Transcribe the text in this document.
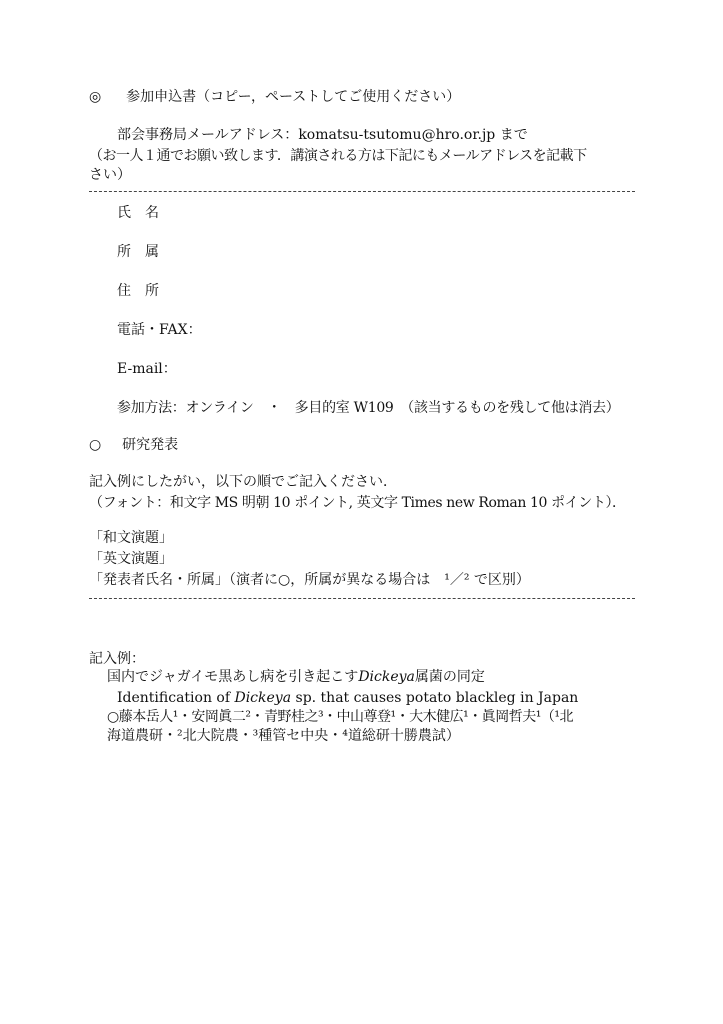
◎ 参加申込書（コピー，ペーストしてご使用ください）
部会事務局メールアドレス：komatsu-tsutomu@hro.or.jp まで
（お一人１通でお願い致します．講演される方は下記にもメールアドレスを記載下
さい）
氏　名
所　属
住　所
電話・FAX：
E-mail：
参加方法：オンライン　・　多目的室 W109　（該当するものを残して他は消去）
○ 研究発表
記入例にしたがい，以下の順でご記入ください．
（フォント：和文字 MS 明朝 10 ポイント, 英文字 Times new Roman 10 ポイント）．
「和文演題」
「英文演題」
「発表者氏名・所属」（演者に○，所属が異なる場合は　¹／² で区別）
記入例：
国内でジャガイモ黒あし病を引き起こすDickeya属菌の同定
Identification of Dickeya sp. that causes potato blackleg in Japan
○藤本岳人¹・安岡眞二²・青野桂之³・中山尊登¹・大木健広¹・眞岡哲夫¹（¹北
海道農研・²北大院農・³種管セ中央・⁴道総研十勝農試）
